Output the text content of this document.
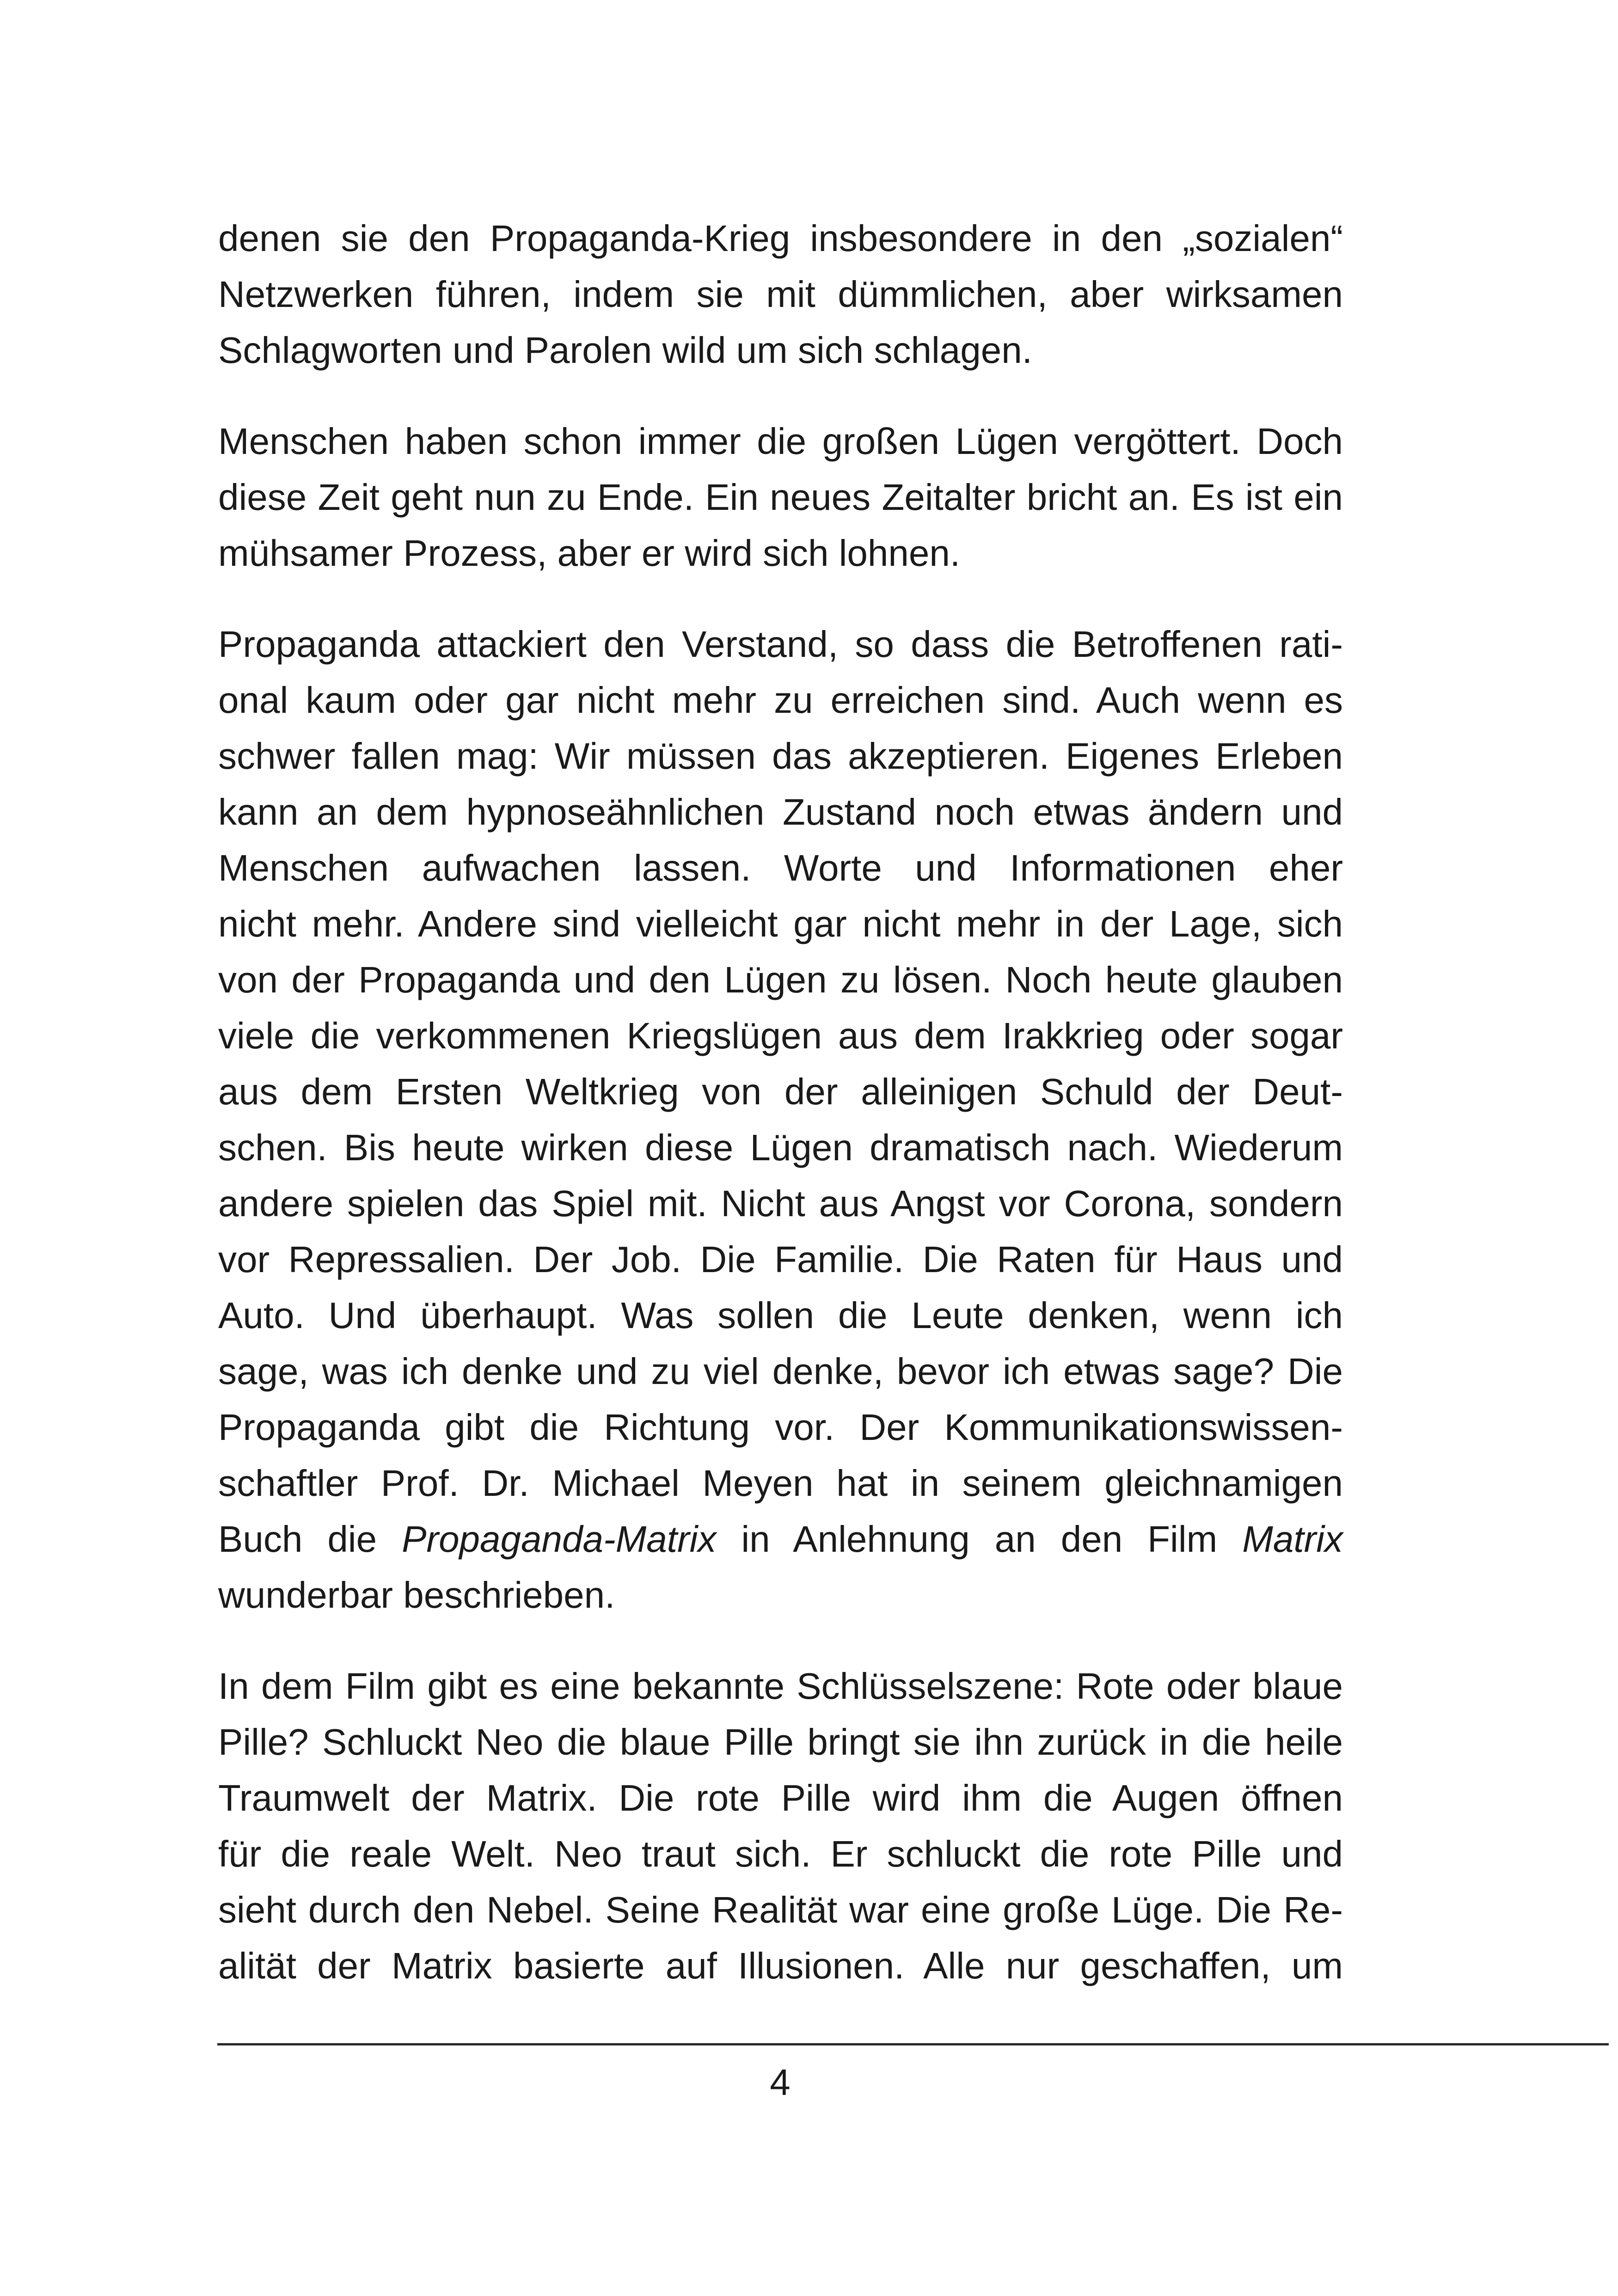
denen sie den Propaganda-Krieg insbesondere in den „sozialen“
Netzwerken führen, indem sie mit dümmlichen, aber wirksamen
Schlagworten und Parolen wild um sich schlagen.
Menschen haben schon immer die großen Lügen vergöttert. Doch
diese Zeit geht nun zu Ende. Ein neues Zeitalter bricht an. Es ist ein
mühsamer Prozess, aber er wird sich lohnen.
Propaganda attackiert den Verstand, so dass die Betroffenen rati-
onal kaum oder gar nicht mehr zu erreichen sind. Auch wenn es
schwer fallen mag: Wir müssen das akzeptieren. Eigenes Erleben
kann an dem hypnoseähnlichen Zustand noch etwas ändern und
Menschen aufwachen lassen. Worte und Informationen eher
nicht mehr. Andere sind vielleicht gar nicht mehr in der Lage, sich
von der Propaganda und den Lügen zu lösen. Noch heute glauben
viele die verkommenen Kriegslügen aus dem Irakkrieg oder sogar
aus dem Ersten Weltkrieg von der alleinigen Schuld der Deut-
schen. Bis heute wirken diese Lügen dramatisch nach. Wiederum
andere spielen das Spiel mit. Nicht aus Angst vor Corona, sondern
vor Repressalien. Der Job. Die Familie. Die Raten für Haus und
Auto. Und überhaupt. Was sollen die Leute denken, wenn ich
sage, was ich denke und zu viel denke, bevor ich etwas sage? Die
Propaganda gibt die Richtung vor. Der Kommunikationswissen-
schaftler Prof. Dr. Michael Meyen hat in seinem gleichnamigen
Buch die Propaganda-Matrix in Anlehnung an den Film Matrix
wunderbar beschrieben.
In dem Film gibt es eine bekannte Schlüsselszene: Rote oder blaue
Pille? Schluckt Neo die blaue Pille bringt sie ihn zurück in die heile
Traumwelt der Matrix. Die rote Pille wird ihm die Augen öffnen
für die reale Welt. Neo traut sich. Er schluckt die rote Pille und
sieht durch den Nebel. Seine Realität war eine große Lüge. Die Re-
alität der Matrix basierte auf Illusionen. Alle nur geschaffen, um
4
